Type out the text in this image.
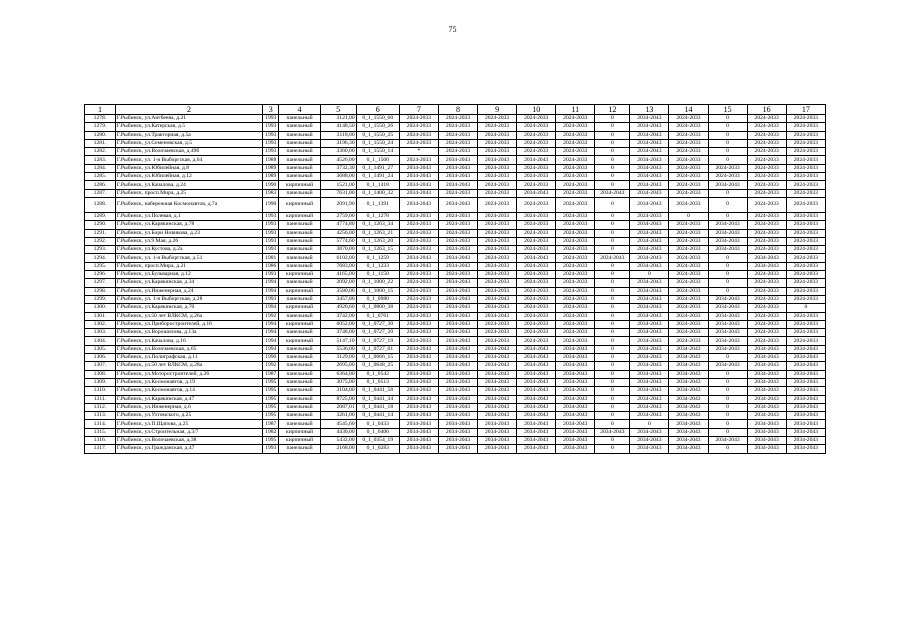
75
1	2	3	4	5	6	7	8	9	10	11	12	13	14	15	16	17
1278.	Г.Рыбинск, ул.Ангбеева, д.21	1993	панельный	3121,00	0_1_1550_60	2024-2033	2024-2033	2024-2033	2024-2033	2024-2033	0	2034-2043	2024-2033	0	2024-2033	2024-2033
1279.	Г.Рыбинск, ул.Катерская, д.5	1993	панельный	4148,50	0_1_1550_26	2024-2033	2024-2033	2024-2033	2024-2033	2024-2033	0	2034-2043	2024-2033	0	2024-2033	2024-2033
1280.	Г.Рыбинск, ул.Тракторная, д.5а	1993	панельный	3118,00	0_1_1550_25	2024-2033	2024-2033	2024-2033	2024-2033	2024-2033	0	2034-2043	2024-2033	0	2024-2033	2024-2033
1281.	Г.Рыбинск, ул.Семеновская, д.5	1993	панельный	3196,30	0_1_1550_24	2024-2033	2024-2033	2024-2033	2024-2033	2024-2033	0	2034-2043	2024-2033	0	2024-2033	2024-2033
1282.	Г.Рыбинск, ул.Волочаевская, д.49б	1993	панельный	3360,00	0_1_1550_14	*	2024-2033	2024-2033	2024-2033	2024-2033	0	2034-2043	2024-2033	0	2024-2033	2024-2033
1283.	Г.Рыбинск, ул. 1-я Выборгская, д.64	1988	панельный	4526,00	0_1_1500	2024-2033	2034-2043	2034-2043	2034-2043	2024-2033	0	2034-2043	2024-2033	0	2024-2033	2024-2033
1284.	Г.Рыбинск, ул.Юбилейная, д.8	1989	панельный	3732,30	0_1_1491_27	2034-2043	2034-2043	2024-2033	2024-2033	2024-2033	0	2034-2043	2024-2033	2024-2033	2024-2033	2024-2033
1285.	Г.Рыбинск, ул.Юбилейная, д.12	1989	панельный	3688,00	0_1_1491_24	2034-2043	2034-2043	2024-2033	2024-2033	2024-2033	0	2034-2043	2024-2033	2024-2033	2024-2033	2024-2033
1286.	Г.Рыбинск, ул.Качалова, д.24	1990	кирпичный	1521,00	0_1_1418	2034-2043	2034-2043	2024-2033	2024-2033	2024-2033	0	2034-2043	2024-2033	2034-2043	2024-2033	2024-2033
1287.	Г.Рыбинск, просп.Мира, д.25	1983	панельный	7631,00	0_1_1400_32	2034-2043	2024-2033	2024-2033	2034-2043	2024-2033	2034-2043	2034-2043	2024-2033	0	2024-2033	2024-2033
1288.	Г.Рыбинск, набережная Космонавтов, д.7а	1990	кирпичный	2091,90	0_1_1391	2034-2043	2034-2043	2024-2033	2024-2033	2024-2033	0	2034-2043	2024-2033	0	2024-2033	2024-2033
1289.	Г.Рыбинск, ул.Полевая, д.1	1993	кирпичный	2759,00	0_1_1278	2024-2033	2024-2033	2024-2033	2024-2033	2024-2033	0	2024-2033	0	0	2024-2033	2024-2033
1290.	Г.Рыбинск, ул.Карякинская, д.78	1993	панельный	4774,80	0_1_1263_34	2024-2033	2024-2033	2024-2033	2024-2033	2024-2033	0	2034-2043	2024-2033	2034-2043	2024-2033	2024-2033
1291.	Г.Рыбинск, ул.Бори Новикова, д.23	1993	панельный	4256,00	0_1_1263_21	2024-2033	2024-2033	2024-2033	2024-2033	2024-2033	0	2034-2043	2024-2033	2034-2043	2024-2033	2024-2033
1292.	Г.Рыбинск, ул.9 Мая, д.26	1993	панельный	5774,60	0_1_1263_20	2024-2033	2024-2033	2024-2033	2024-2033	2024-2033	0	2034-2043	2024-2033	2034-2043	2024-2033	2024-2033
1293.	Г.Рыбинск, ул.Кустова, д.2а	1993	панельный	3870,00	0_1_1263_15	2024-2033	2024-2033	2024-2033	2024-2033	2024-2033	0	2034-2043	2024-2033	2034-2043	2024-2033	2024-2033
1294.	Г.Рыбинск, ул. 1-я Выборгская, д.51	1981	панельный	6102,00	0_1_1259	2034-2043	2034-2043	2024-2033	2034-2043	2024-2033	2034-2043	2034-2043	2024-2033	0	2034-2043	2024-2033
1295.	Г.Рыбинск, просп.Мира, д.21	1986	панельный	7683,00	0_1_1233	2034-2043	2034-2043	2024-2033	2024-2033	2024-2033	0	2034-2043	2024-2033	0	2034-2043	2024-2033
1296.	Г.Рыбинск, ул.Бульварная, д.12	1993	кирпичный	4165,00	0_1_1150	2024-2033	2024-2033	2024-2033	2024-2033	2024-2033	0	0	2024-2033	0	2024-2033	2024-2033
1297.	Г.Рыбинск, ул.Карякинская, д.34	1994	панельный	2092,00	0_1_1000_22	2024-2033	2034-2043	2024-2033	2024-2033	2024-2033	0	2034-2043	2024-2033	0	2024-2033	2024-2033
1298.	Г.Рыбинск, ул.Инженерная, д.24	1994	кирпичный	3580,00	0_1_1000_15	2024-2033	2034-2043	2024-2033	2024-2033	2024-2033	0	2034-2043	2024-2033	0	2024-2033	2024-2033
1299.	Г.Рыбинск, ул. 1-я Выборгская, д.28	1993	панельный	3457,80	0_1_0980	2024-2033	2034-2043	2034-2043	2024-2033	2024-2033	0	2034-2043	2024-2033	2034-2043	2024-2033	2024-2033
1300.	Г.Рыбинск, ул.Карякинская, д.70	1994	кирпичный	4920,60	0_1_0800_38	2024-2033	2034-2043	2034-2043	2024-2033	2024-2033	0	2034-2043	2024-2033	2034-2043	2024-2033	0
1301.	Г.Рыбинск, ул.50 лет ВЛКСМ, д.26а	1992	панельный	3742,00	0_1_0761	2024-2033	2034-2043	2034-2043	2024-2033	2024-2033	0	2034-2043	2024-2033	2034-2043	2024-2033	2024-2033
1302.	Г.Рыбинск, ул.Приборостроителей, д.16	1994	кирпичный	6052,00	0_1_0727_30	2024-2033	2034-2043	2024-2033	2024-2033	2024-2033	0	2034-2043	2024-2033	2034-2043	2024-2033	2024-2033
1303.	Г.Рыбинск, ул.Ворошилова, д.13а	1994	панельный	3748,00	0_1_0727_20	2024-2033	2034-2043	2024-2033	2024-2033	2024-2033	0	2034-2043	2024-2033	2034-2043	2024-2033	2024-2033
1304.	Г.Рыбинск, ул.Качалова, д.16	1994	кирпичный	5147,10	0_1_0727_19	2024-2033	2034-2043	2024-2033	2024-2033	2024-2033	0	2034-2043	2024-2033	2034-2043	2024-2033	2024-2033
1305.	Г.Рыбинск, ул.Волочаевская, д.65	1994	панельный	5536,00	0_1_0727_01	2034-2043	2034-2043	2034-2043	2034-2043	2034-2043	0	2034-2043	2034-2043	2034-2043	2034-2043	2034-2043
1306.	Г.Рыбинск, ул.Полиграфская, д.11	1990	панельный	3129,00	0_1_0666_15	2034-2043	2034-2043	2034-2043	2034-2043	2034-2043	0	2034-2043	2034-2043	0	2034-2043	2034-2043
1307.	Г.Рыбинск, ул.50 лет ВЛКСМ, д.28а	1992	панельный	2695,00	0_1_0648_25	2034-2043	2034-2043	2034-2043	2034-2043	2034-2043	0	2034-2043	2034-2043	2034-2043	2034-2043	2034-2043
1308.	Г.Рыбинск, ул.Моторостроителей, д.26	1987	панельный	6364,00	0_1_0542	2034-2043	2034-2043	2034-2043	2034-2043	2034-2043	0	2034-2043	2034-2043	0	2034-2043	2034-2043
1309.	Г.Рыбинск, ул.Космонавтов, д.19	1995	панельный	3075,00	0_1_0513	2034-2043	2034-2043	2034-2043	2034-2043	2034-2043	0	2034-2043	2034-2043	0	2034-2043	2034-2043
1310.	Г.Рыбинск, ул.Космонавтов, д.14	1995	панельный	3104,00	0_1_0441_58	2034-2043	2034-2043	2034-2043	2034-2043	2034-2043	0	2034-2043	2034-2043	0	2034-2043	2034-2043
1311.	Г.Рыбинск, ул.Карякинская, д.47	1995	панельный	8725,00	0_1_0441_34	2034-2043	2034-2043	2034-2043	2034-2043	2034-2043	0	2034-2043	2034-2043	0	2034-2043	2034-2043
1312.	Г.Рыбинск, ул.Инженерная, д.6	1995	панельный	2087,01	0_1_0441_18	2034-2043	2034-2043	2034-2043	2034-2043	2034-2043	0	2034-2043	2034-2043	0	2034-2043	2034-2043
1313.	Г.Рыбинск, ул.Ухтомского, д.25	1995	панельный	3261,00	0_1_0441_14	2034-2043	2034-2043	2034-2043	2034-2043	2034-2043	0	2034-2043	2034-2043	0	2034-2043	2034-2043
1314.	Г.Рыбинск, ул.П.Щапова, д.25	1987	панельный	4545,60	0_1_0433	2034-2043	2034-2043	2034-2043	2034-2043	2034-2043	0	0	2034-2043	0	2034-2043	2034-2043
1315.	Г.Рыбинск, ул.Строительная, д.3/7	1982	кирпичный	4430,00	0_1_0406	2034-2043	2034-2043	2034-2043	2034-2043	2034-2043	2034-2043	2034-2043	2034-2043	0	2034-2043	2034-2043
1316.	Г.Рыбинск, ул.Волочаевская, д.38	1995	кирпичный	5432,00	0_1_0354_19	2034-2043	2034-2043	2034-2043	2034-2043	2034-2043	0	2034-2043	2034-2043	2034-2043	2034-2043	2034-2043
1317.	Г.Рыбинск, ул.Гражданская, д.47	1993	панельный	2168,00	0_1_0283	2034-2043	2034-2043	2034-2043	2034-2043	2034-2043	0	2034-2043	2034-2043	0	2034-2043	2034-2043
